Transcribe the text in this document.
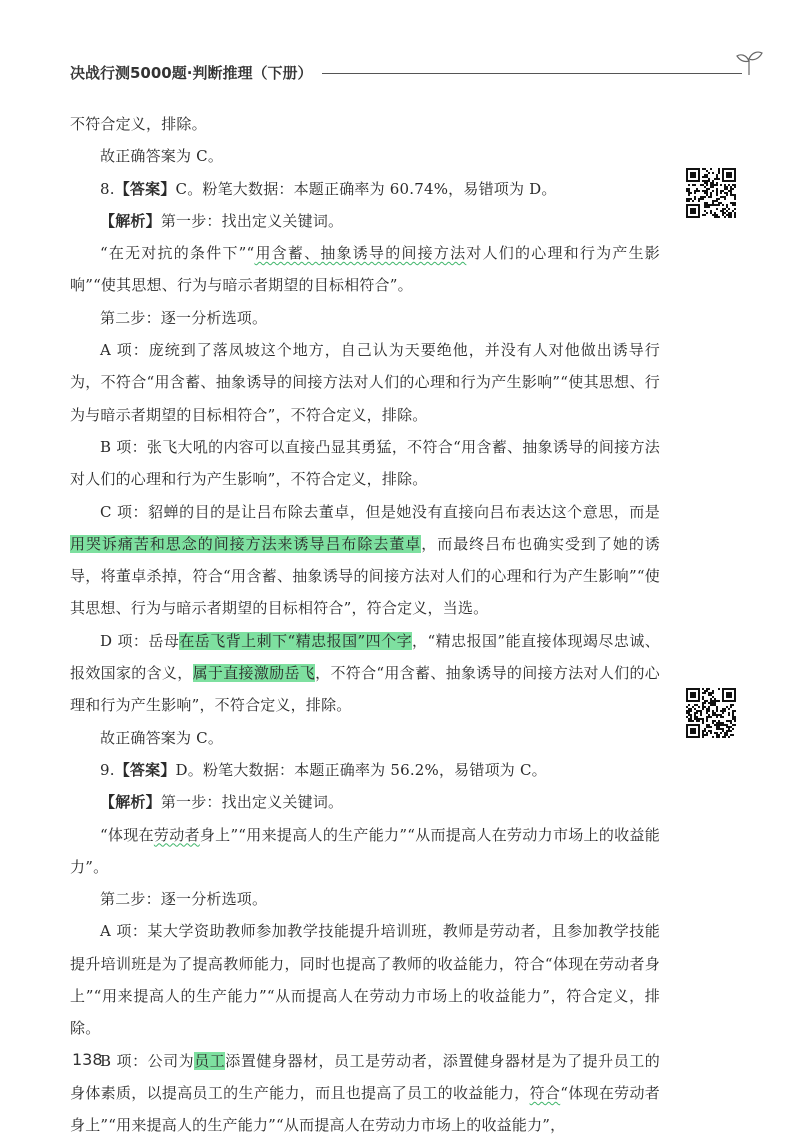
决战行测5000题·判断推理（下册）

不符合定义，排除。

故正确答案为 C。

8.【答案】C。粉笔大数据：本题正确率为 60.74%，易错项为 D。

【解析】第一步：找出定义关键词。

“在无对抗的条件下”“用含蓄、抽象诱导的间接方法对人们的心理和行为产生影响”“使其思想、行为与暗示者期望的目标相符合”。

第二步：逐一分析选项。

A 项：庞统到了落凤坡这个地方，自己认为天要绝他，并没有人对他做出诱导行为，不符合“用含蓄、抽象诱导的间接方法对人们的心理和行为产生影响”“使其思想、行为与暗示者期望的目标相符合”，不符合定义，排除。

B 项：张飞大吼的内容可以直接凸显其勇猛，不符合“用含蓄、抽象诱导的间接方法对人们的心理和行为产生影响”，不符合定义，排除。

C 项：貂蝉的目的是让吕布除去董卓，但是她没有直接向吕布表达这个意思，而是用哭诉痛苦和思念的间接方法来诱导吕布除去董卓，而最终吕布也确实受到了她的诱导，将董卓杀掉，符合“用含蓄、抽象诱导的间接方法对人们的心理和行为产生影响”“使其思想、行为与暗示者期望的目标相符合”，符合定义，当选。

D 项：岳母在岳飞背上刺下“精忠报国”四个字，“精忠报国”能直接体现竭尽忠诚、报效国家的含义，属于直接激励岳飞，不符合“用含蓄、抽象诱导的间接方法对人们的心理和行为产生影响”，不符合定义，排除。

故正确答案为 C。

9.【答案】D。粉笔大数据：本题正确率为 56.2%，易错项为 C。

【解析】第一步：找出定义关键词。

“体现在劳动者身上”“用来提高人的生产能力”“从而提高人在劳动力市场上的收益能力”。

第二步：逐一分析选项。

A 项：某大学资助教师参加教学技能提升培训班，教师是劳动者，且参加教学技能提升培训班是为了提高教师能力，同时也提高了教师的收益能力，符合“体现在劳动者身上”“用来提高人的生产能力”“从而提高人在劳动力市场上的收益能力”，符合定义，排除。

B 项：公司为员工添置健身器材，员工是劳动者，添置健身器材是为了提升员工的身体素质，以提高员工的生产能力，而且也提高了员工的收益能力，符合“体现在劳动者身上”“用来提高人的生产能力”“从而提高人在劳动力市场上的收益能力”，

138
